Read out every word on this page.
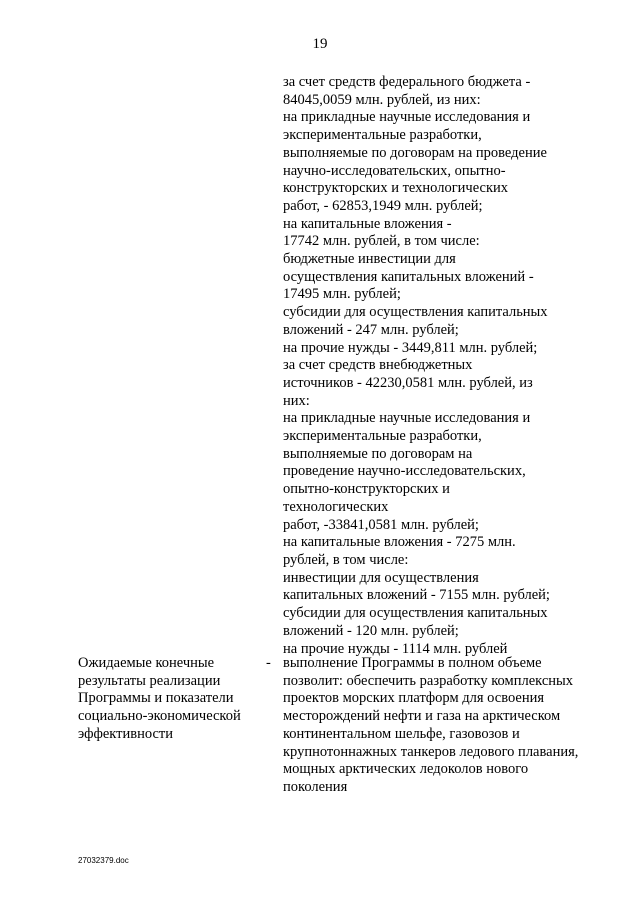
19
за счет средств федерального бюджета -
84045,0059 млн. рублей, из них:
на прикладные научные исследования и
экспериментальные разработки,
выполняемые по договорам на проведение
научно-исследовательских, опытно-
конструкторских и технологических
работ, - 62853,1949 млн. рублей;
на капитальные вложения -
17742 млн. рублей, в том числе:
бюджетные инвестиции для
осуществления капитальных вложений -
17495 млн. рублей;
субсидии для осуществления капитальных
вложений - 247 млн. рублей;
на прочие нужды - 3449,811 млн. рублей;
за счет средств внебюджетных
источников - 42230,0581 млн. рублей, из
них:
на прикладные научные исследования и
экспериментальные разработки,
выполняемые по договорам на
проведение научно-исследовательских,
опытно-конструкторских и
технологических
работ, -33841,0581 млн. рублей;
на капитальные вложения - 7275 млн.
рублей, в том числе:
инвестиции для осуществления
капитальных вложений - 7155 млн. рублей;
субсидии для осуществления капитальных
вложений - 120 млн. рублей;
на прочие нужды - 1114 млн. рублей
Ожидаемые конечные
результаты реализации
Программы и показатели
социально-экономической
эффективности
- выполнение Программы в полном объеме позволит: обеспечить разработку комплексных проектов морских платформ для освоения месторождений нефти и газа на арктическом континентальном шельфе, газовозов и крупнотоннажных танкеров ледового плавания, мощных арктических ледоколов нового поколения
27032379.doc
